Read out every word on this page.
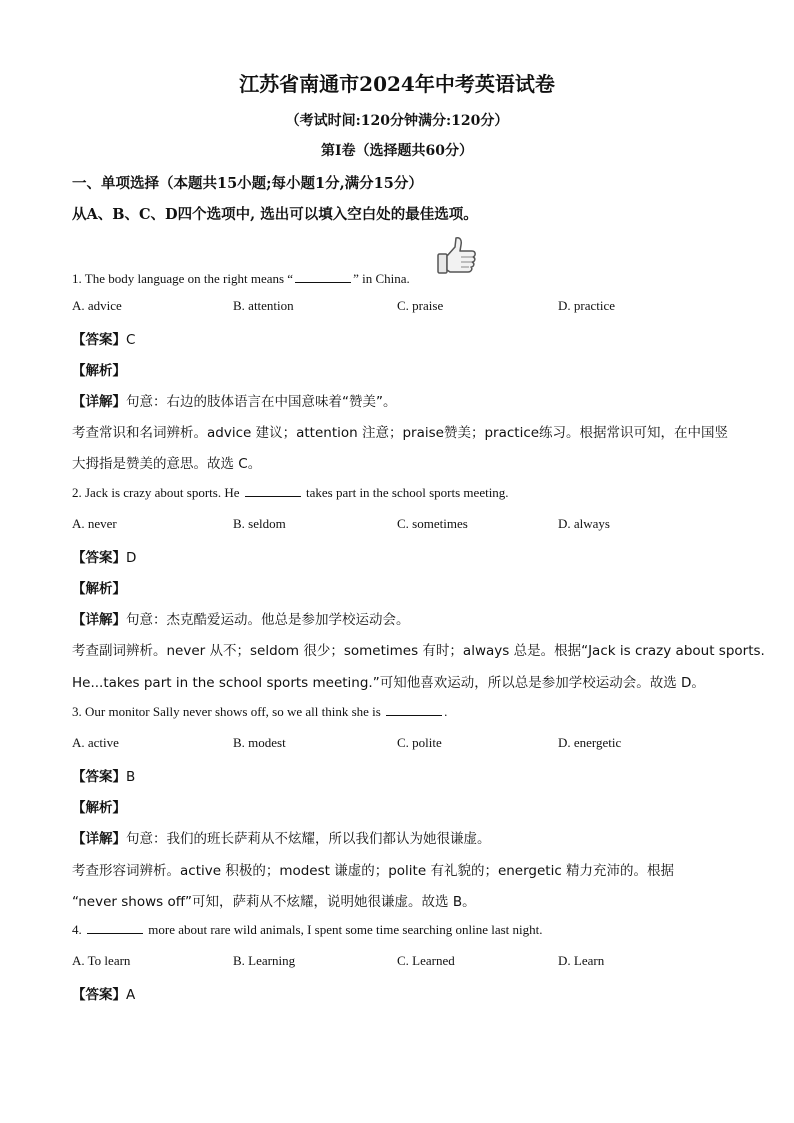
江苏省南通市2024年中考英语试卷
（考试时间:120分钟满分:120分）
第Ⅰ卷（选择题共60分）
一、单项选择（本题共15小题;每小题1分,满分15分）
从A、B、C、D四个选项中, 选出可以填入空白处的最佳选项。
1. The body language on the right means “	” in China.
A. advice	B. attention	C. praise	D. practice
【答案】C
【解析】
【详解】句意：右边的肢体语言在中国意味着“赞美”。
考查常识和名词辨析。advice 建议；attention 注意；praise赞美；practice练习。根据常识可知，在中国竖
大拇指是赞美的意思。故选 C。
2. Jack is crazy about sports. He	takes part in the school sports meeting.
A. never	B. seldom	C. sometimes	D. always
【答案】D
【解析】
【详解】句意：杰克酷爱运动。他总是参加学校运动会。
考查副词辨析。never 从不；seldom 很少；sometimes 有时；always 总是。根据“Jack is crazy about sports.
He...takes part in the school sports meeting.”可知他喜欢运动，所以总是参加学校运动会。故选 D。
3. Our monitor Sally never shows off, so we all think she is	.
A. active	B. modest	C. polite	D. energetic
【答案】B
【解析】
【详解】句意：我们的班长萨莉从不炫耀，所以我们都认为她很谦虚。
考查形容词辨析。active 积极的；modest 谦虚的；polite 有礼貌的；energetic 精力充沛的。根据
“never shows off”可知，萨莉从不炫耀，说明她很谦虚。故选 B。
4.	more about rare wild animals, I spent some time searching online last night.
A. To learn	B. Learning	C. Learned	D. Learn
【答案】A
